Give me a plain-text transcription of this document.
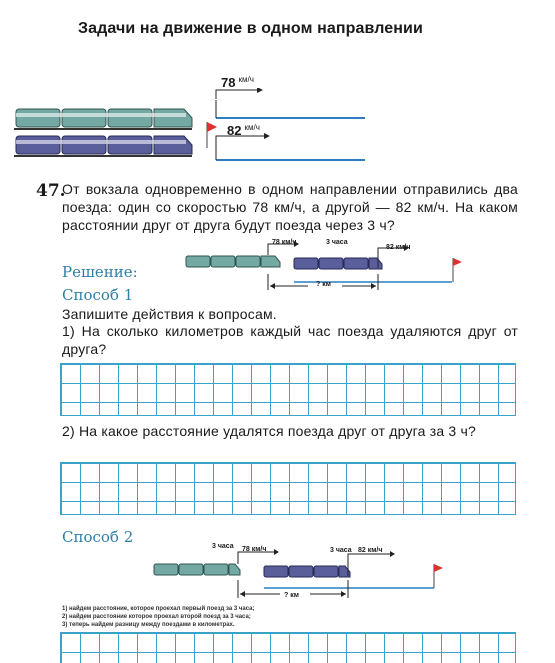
Задачи на движение в одном направлении
78 $^{км/ч}$
82 $^{км/ч}$
47.
От вокзала одновременно в одном направлении отправились два поезда: один со скоростью 78 км/ч, а другой — 82 км/ч. На каком расстоянии друг от друга будут поезда через 3 ч?
Решение:
78 км/ч	3 часа
82 км/ч
? км
Способ 1
Запишите действия к вопросам.
1) На сколько километров каждый час поезда удаляются друг от друга?
2) На какое расстояние удалятся поезда друг от друга за 3 ч?
Способ 2
3 часа 78 км/ч	3 часа 82 км/ч
? км
1) найдем расстояние, которое проехал первый поезд за 3 часа;
2) найдем расстояние которое проехал второй поезд за 3 часа;
3) теперь найдем разницу между поездами в километрах.
